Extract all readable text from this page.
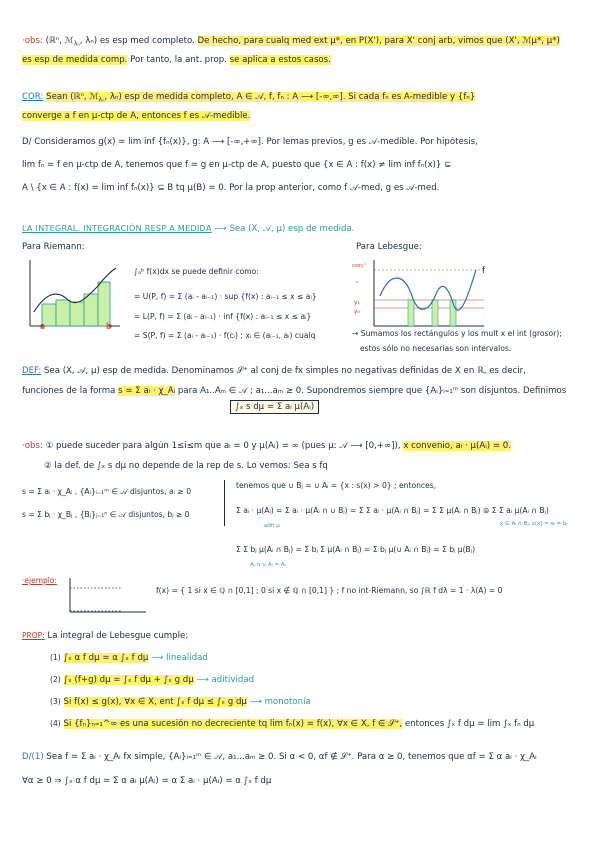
·obs: (ℝⁿ, ℳ$_{\lambda_n}$, λₙ) es esp med completo. De hecho, para cualq med ext μ*, en P(X'), para X' conj arb, vimos que (X', ℳμ*, μ*)
es esp de medida comp. Por tanto, la ant. prop. se aplica a estos casos.
COR: Sean (ℝⁿ, ℳ$_{\lambda_n}$, λₙ) esp de medida completo, A ∈ 𝒜, f, fₙ : A ⟶ [-∞,∞]. Si cada fₙ es A-medible y {fₙ}
converge a f en μ-ctp de A, entonces f es 𝒜-medible.
D/ Consideramos g(x) = lim inf {fₙ(x)}, g: A ⟶ [-∞,+∞]. Por lemas previos, g es 𝒜-medible. Por hipótesis,
lim fₙ = f en μ-ctp de A, tenemos que f = g en μ-ctp de A, puesto que {x ∈ A : f(x) ≠ lim inf fₙ(x)} ⊆
A \ {x ∈ A : f(x) = lim inf fₙ(x)} ⊆ B tq μ(B) = 0. Por la prop anterior, como f 𝒜-med, g es 𝒜-med.
LA INTEGRAL. INTEGRACIÓN RESP A MEDIDA ⟶ Sea (X, 𝒜, μ) esp de medida.
Para Riemann:
a	b
∫ₐᵇ f(x)dx se puede definir como:
= U(P, f) = Σ (aᵢ - aᵢ₋₁) · sup {f(x) : aᵢ₋₁ ≤ x ≤ aᵢ}
= L(P, f) = Σ (aᵢ - aᵢ₋₁) · inf {f(x) : aᵢ₋₁ ≤ x ≤ aᵢ}
= S(P, f) = Σ (aᵢ - aᵢ₋₁) · f(cᵢ) ; xᵢ ∈ (aᵢ₋₁, aᵢ) cualq
Para Lebesgue:
ᴄᴏsᴄᵢⁿ
ᵤ
y₁
y₀
f
→ Sumamos los rectángulos y los mult x el int (grosor);
estos sólo no necesarias son intervalos.
DEF: Sea (X, 𝒜, μ) esp de medida. Denominamos 𝒮⁺ al conj de fx simples no negativas definidas de X en ℝ, es decir,
funciones de la forma s = Σ aᵢ · χ_Aᵢ para A₁..Aₘ ∈ 𝒜 ; a₁...aₘ ≥ 0. Supondremos siempre que {Aᵢ}ᵢ₌₁ᵐ son disjuntos. Definimos
∫ₓ s dμ = Σ aᵢ μ(Aᵢ)
·obs: ① puede suceder para algún 1≤i≤m que aᵢ = 0 y μ(Aᵢ) = ∞ (pues μ: 𝒜 ⟶ [0,+∞]), x convenio, aᵢ · μ(Aᵢ) = 0.
② la def. de ∫ₓ s dμ no depende de la rep de s. Lo vemos: Sea s fq
s = Σ aᵢ · χ_Aᵢ , {Aᵢ}ᵢ₌₁ᵐ ∈ 𝒜 disjuntos, aᵢ ≥ 0
s = Σ bⱼ · χ_Bⱼ , {Bⱼ}ⱼ₌₁ⁿ ∈ 𝒜 disjuntos, bⱼ ≥ 0
tenemos que ∪ Bⱼ = ∪ Aᵢ = {x : s(x) > 0} ; entonces,
Σ aᵢ · μ(Aᵢ) = Σ aᵢ · μ(Aᵢ ∩ ∪ Bⱼ) = Σ Σ aᵢ · μ(Aᵢ ∩ Bⱼ) = Σ Σ μ(Aᵢ ∩ Bⱼ) ⊜ Σ Σ aᵢ μ(Aᵢ ∩ Bⱼ)
x ∈ Aᵢ ∩ Bⱼ, s(x) = aᵢ = bⱼ
adit μ
Σ Σ bⱼ μ(Aᵢ ∩ Bⱼ) = Σ bⱼ Σ μ(Aᵢ ∩ Bⱼ) = Σ bⱼ μ(∪ Aᵢ ∩ Bⱼ) = Σ bⱼ μ(Bⱼ)
Aᵢ ∩ ∪ Aᵢ = Aᵢ
·ejemplo:
f(x) = { 1 si x ∈ ℚ ∩ [0,1] ; 0 si x ∉ ℚ ∩ [0,1] } ; f no int-Riemann, so ∫ℝ f dλ = 1 · λ(A) = 0
PROP: La integral de Lebesgue cumple:
(1) ∫ₓ α f dμ = α ∫ₓ f dμ ⟶ linealidad
(2) ∫ₓ (f+g) dμ = ∫ₓ f dμ + ∫ₓ g dμ ⟶ aditividad
(3) Si f(x) ≤ g(x), ∀x ∈ X, ent ∫ₓ f dμ ≤ ∫ₓ g dμ ⟶ monotonía
(4) Si {fₙ}ₙ₌₁^∞ es una sucesión no decreciente tq lim fₙ(x) = f(x), ∀x ∈ X, f ∈ 𝒮⁺, entonces ∫ₓ f dμ = lim ∫ₓ fₙ dμ
D/(1) Sea f = Σ aᵢ · χ_Aᵢ fx simple, {Aᵢ}ᵢ₌₁ᵐ ∈ 𝒜, a₁...aₘ ≥ 0. Si α < 0, αf ∉ 𝒮⁺. Para α ≥ 0, tenemos que αf = Σ α aᵢ · χ_Aᵢ
∀α ≥ 0 ⇒ ∫ₓ α f dμ = Σ α aᵢ μ(Aᵢ) = α Σ aᵢ · μ(Aᵢ) = α ∫ₓ f dμ
